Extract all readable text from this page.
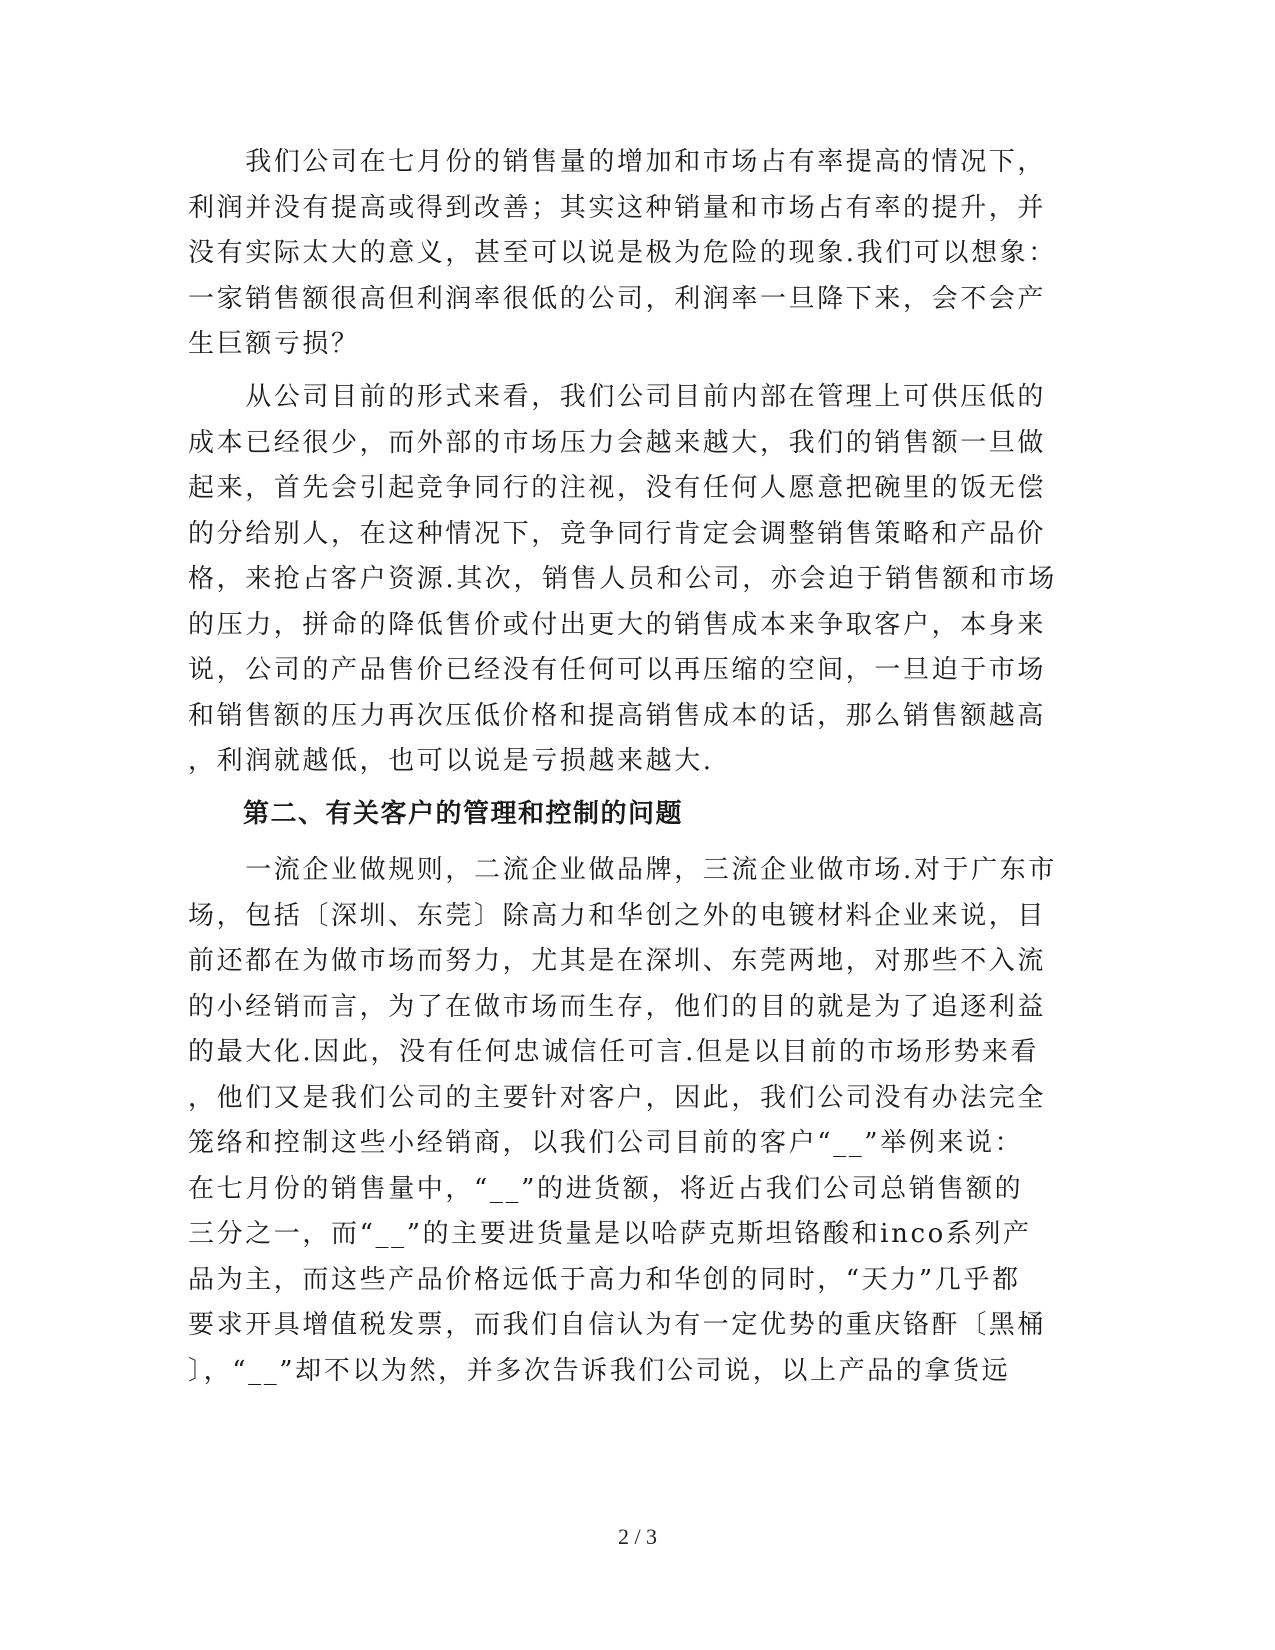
　　我们公司在七月份的销售量的增加和市场占有率提高的情况下，
利润并没有提高或得到改善；其实这种销量和市场占有率的提升，并
没有实际太大的意义，甚至可以说是极为危险的现象.我们可以想象：
一家销售额很高但利润率很低的公司，利润率一旦降下来，会不会产
生巨额亏损？
　　从公司目前的形式来看，我们公司目前内部在管理上可供压低的
成本已经很少，而外部的市场压力会越来越大，我们的销售额一旦做
起来，首先会引起竞争同行的注视，没有任何人愿意把碗里的饭无偿
的分给别人，在这种情况下，竞争同行肯定会调整销售策略和产品价
格，来抢占客户资源.其次，销售人员和公司，亦会迫于销售额和市场
的压力，拼命的降低售价或付出更大的销售成本来争取客户，本身来
说，公司的产品售价已经没有任何可以再压缩的空间，一旦迫于市场
和销售额的压力再次压低价格和提高销售成本的话，那么销售额越高
，利润就越低，也可以说是亏损越来越大.
　　第二、有关客户的管理和控制的问题
　　一流企业做规则，二流企业做品牌，三流企业做市场.对于广东市
场，包括〔深圳、东莞〕除高力和华创之外的电镀材料企业来说，目
前还都在为做市场而努力，尤其是在深圳、东莞两地，对那些不入流
的小经销而言，为了在做市场而生存，他们的目的就是为了追逐利益
的最大化.因此，没有任何忠诚信任可言.但是以目前的市场形势来看
，他们又是我们公司的主要针对客户，因此，我们公司没有办法完全
笼络和控制这些小经销商，以我们公司目前的客户“__”举例来说：
在七月份的销售量中，“__”的进货额，将近占我们公司总销售额的
三分之一，而“__”的主要进货量是以哈萨克斯坦铬酸和inco系列产
品为主，而这些产品价格远低于高力和华创的同时，“天力”几乎都
要求开具增值税发票，而我们自信认为有一定优势的重庆铬酐〔黑桶
〕，“__”却不以为然，并多次告诉我们公司说，以上产品的拿货远
2 / 3
